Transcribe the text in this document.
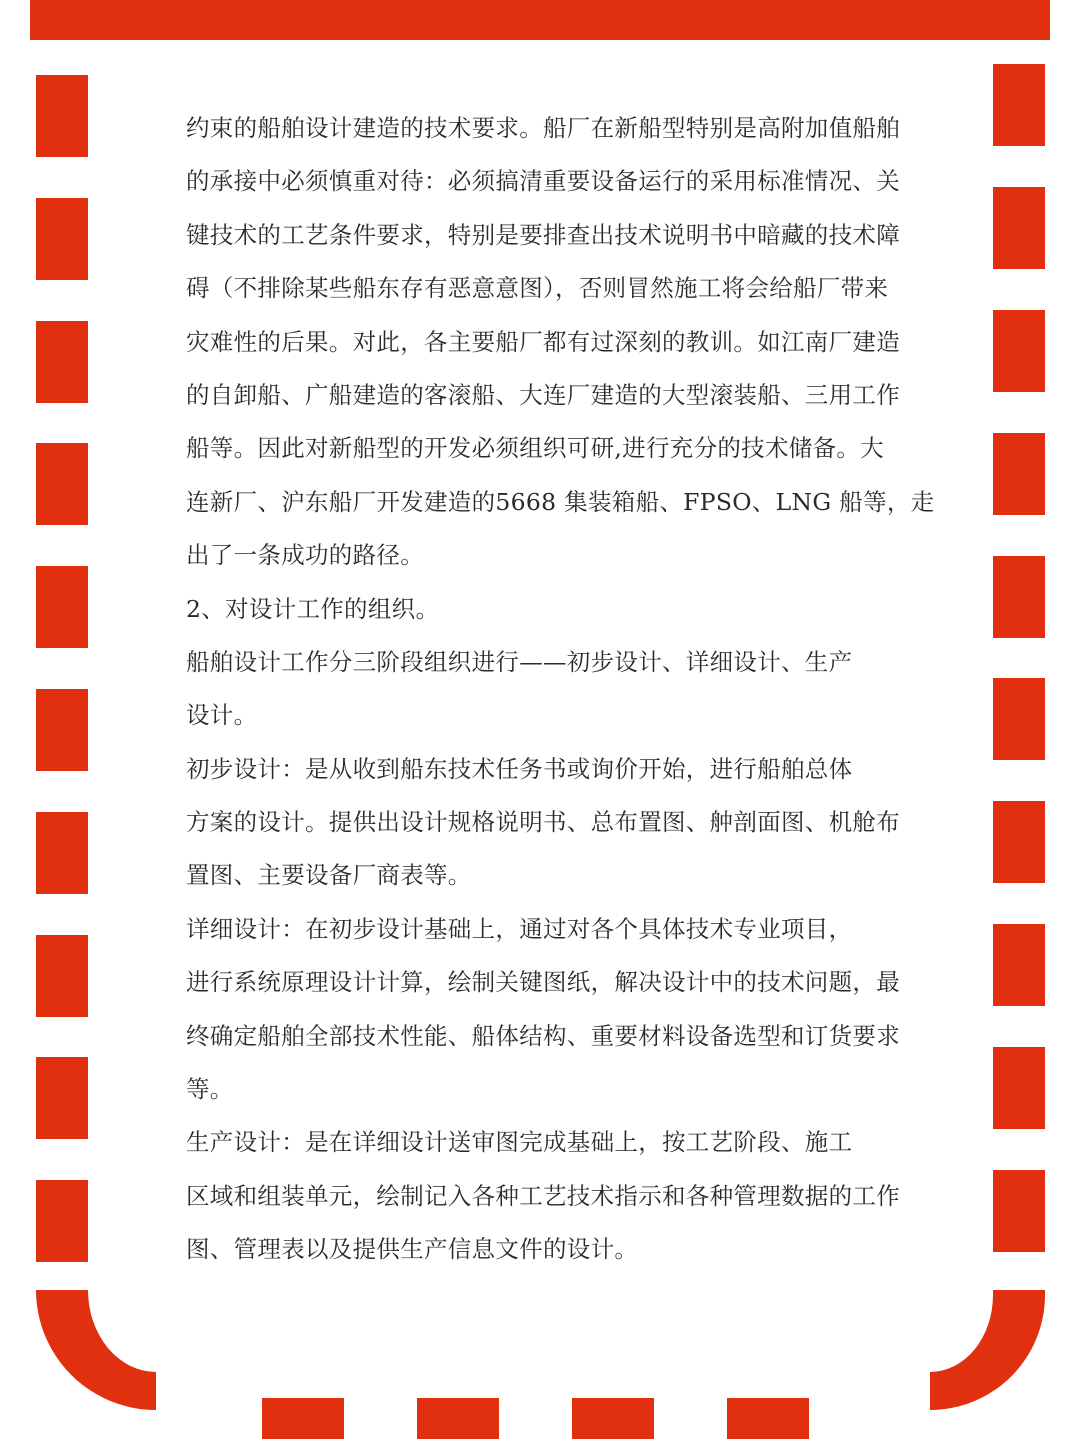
约束的船舶设计建造的技术要求。船厂在新船型特别是高附加值船舶
的承接中必须慎重对待：必须搞清重要设备运行的采用标准情况、关
键技术的工艺条件要求，特别是要排查出技术说明书中暗藏的技术障
碍（不排除某些船东存有恶意意图），否则冒然施工将会给船厂带来
灾难性的后果。对此，各主要船厂都有过深刻的教训。如江南厂建造
的自卸船、广船建造的客滚船、大连厂建造的大型滚装船、三用工作
船等。因此对新船型的开发必须组织可研,进行充分的技术储备。大
连新厂、沪东船厂开发建造的5668 集装箱船、FPSO、LNG 船等，走
出了一条成功的路径。
2、对设计工作的组织。
船舶设计工作分三阶段组织进行——初步设计、详细设计、生产
设计。
初步设计：是从收到船东技术任务书或询价开始，进行船舶总体
方案的设计。提供出设计规格说明书、总布置图、舯剖面图、机舱布
置图、主要设备厂商表等。
详细设计：在初步设计基础上，通过对各个具体技术专业项目，
进行系统原理设计计算，绘制关键图纸，解决设计中的技术问题，最
终确定船舶全部技术性能、船体结构、重要材料设备选型和订货要求
等。
生产设计：是在详细设计送审图完成基础上，按工艺阶段、施工
区域和组装单元，绘制记入各种工艺技术指示和各种管理数据的工作
图、管理表以及提供生产信息文件的设计。
